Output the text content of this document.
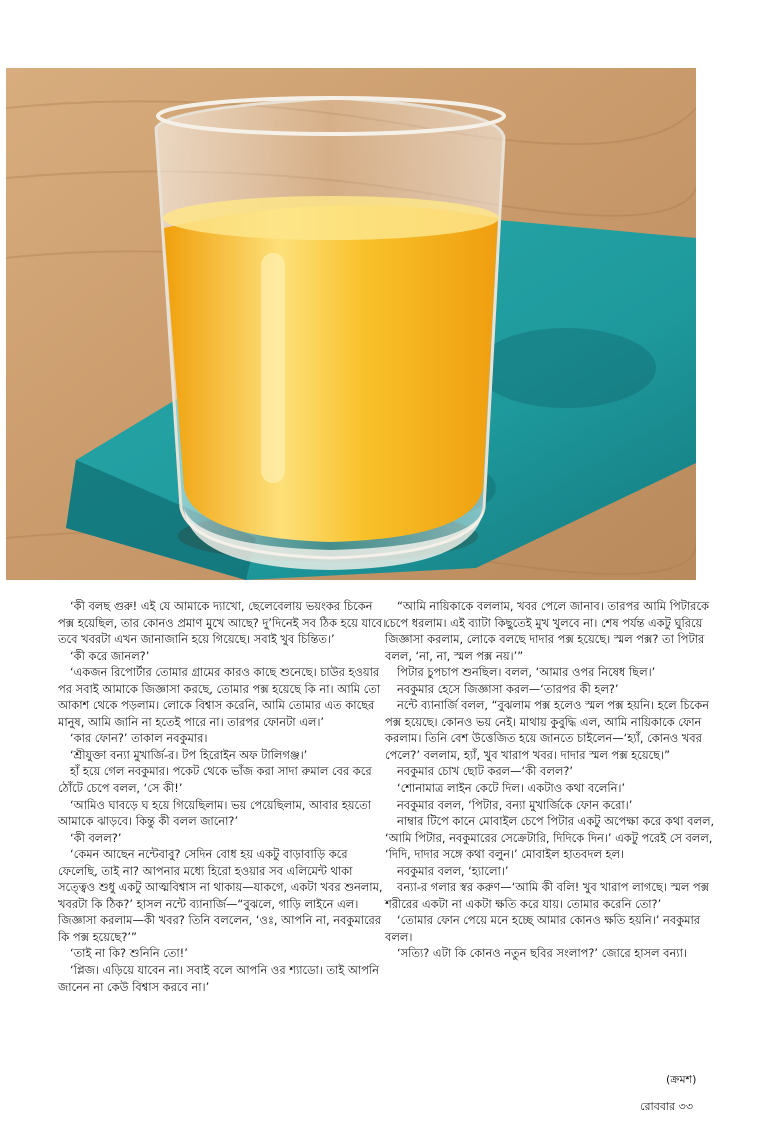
‘কী বলছ গুরু! এই যে আমাকে দ্যাখো, ছেলেবেলায় ভয়ংকর চিকেন পক্স হয়েছিল, তার কোনও প্রমাণ মুখে আছে? দু’দিনেই সব ঠিক হয়ে যাবে। তবে খবরটা এখন জানাজানি হয়ে গিয়েছে। সবাই খুব চিন্তিত।’

‘কী করে জানল?’

‘একজন রিপোর্টার তোমার গ্রামের কারও কাছে শুনেছে। চাউর হওয়ার পর সবাই আমাকে জিজ্ঞাসা করছে, তোমার পক্স হয়েছে কি না। আমি তো আকাশ থেকে পড়লাম। লোকে বিশ্বাস করেনি, আমি তোমার এত কাছের মানুষ, আমি জানি না হতেই পারে না। তারপর ফোনটা এল।’

‘কার ফোন?’ তাকাল নবকুমার।

‘শ্রীযুক্তা বন্যা মুখার্জি-র। টপ হিরোইন অফ টালিগঞ্জ।’

হাঁ হয়ে গেল নবকুমার। পকেট থেকে ভাঁজ করা সাদা রুমাল বের করে ঠোঁটে চেপে বলল, ‘সে কী!’

‘আমিও ঘাবড়ে ঘ হয়ে গিয়েছিলাম। ভয় পেয়েছিলাম, আবার হয়তো আমাকে ঝাড়বে। কিন্তু কী বলল জানো?’

‘কী বলল?’

‘কেমন আছেন নন্টেবাবু? সেদিন বোধ হয় একটু বাড়াবাড়ি করে ফেলেছি, তাই না? আপনার মধ্যে হিরো হওয়ার সব এলিমেন্ট থাকা সত্ত্বেও শুধু একটু আত্মবিশ্বাস না থাকায়—যাকগে, একটা খবর শুনলাম, খবরটা কি ঠিক?’ হাসল নন্টে ব্যানার্জি—“বুঝলে, গাড়ি লাইনে এল। জিজ্ঞাসা করলাম—কী খবর? তিনি বললেন, ‘ওঃ, আপনি না, নবকুমারের কি পক্স হয়েছে?’”

‘তাই না কি? শুনিনি তো!’

‘প্লিজ। এড়িয়ে যাবেন না। সবাই বলে আপনি ওর শ্যাডো। তাই আপনি জানেন না কেউ বিশ্বাস করবে না।’

“আমি নায়িকাকে বললাম, খবর পেলে জানাব। তারপর আমি পিটারকে চেপে ধরলাম। এই ব্যাটা কিছুতেই মুখ খুলবে না। শেষ পর্যন্ত একটু ঘুরিয়ে জিজ্ঞাসা করলাম, লোকে বলছে দাদার পক্স হয়েছে। স্মল পক্স? তা পিটার বলল, ‘না, না, স্মল পক্স নয়।’”

পিটার চুপচাপ শুনছিল। বলল, ‘আমার ওপর নিষেধ ছিল।’

নবকুমার হেসে জিজ্ঞাসা করল—‘তারপর কী হল?’

নন্টে ব্যানার্জি বলল, “বুঝলাম পক্স হলেও স্মল পক্স হয়নি। হলে চিকেন পক্স হয়েছে। কোনও ভয় নেই। মাথায় কুবুদ্ধি এল, আমি নায়িকাকে ফোন করলাম। তিনি বেশ উত্তেজিত হয়ে জানতে চাইলেন—‘হ্যাঁ, কোনও খবর পেলে?’ বললাম, হ্যাঁ, খুব খারাপ খবর। দাদার স্মল পক্স হয়েছে।”

নবকুমার চোখ ছোট করল—‘কী বলল?’

‘শোনামাত্র লাইন কেটে দিল। একটাও কথা বলেনি।’

নবকুমার বলল, ‘পিটার, বন্যা মুখার্জিকে ফোন করো।’

নাম্বার টিপে কানে মোবাইল চেপে পিটার একটু অপেক্ষা করে কথা বলল, ‘আমি পিটার, নবকুমারের সেক্রেটারি, দিদিকে দিন।’ একটু পরেই সে বলল, ‘দিদি, দাদার সঙ্গে কথা বলুন।’ মোবাইল হাতবদল হল।

নবকুমার বলল, ‘হ্যালো।’

বন্যা-র গলার স্বর করুণ—‘আমি কী বলি! খুব খারাপ লাগছে। স্মল পক্স শরীরের একটা না একটা ক্ষতি করে যায়। তোমার করেনি তো?’

‘তোমার ফোন পেয়ে মনে হচ্ছে আমার কোনও ক্ষতি হয়নি।’ নবকুমার বলল।

‘সত্যি? এটা কি কোনও নতুন ছবির সংলাপ?’ জোরে হাসল বন্যা।

(ক্রমশ)
রোববার ৩৩
